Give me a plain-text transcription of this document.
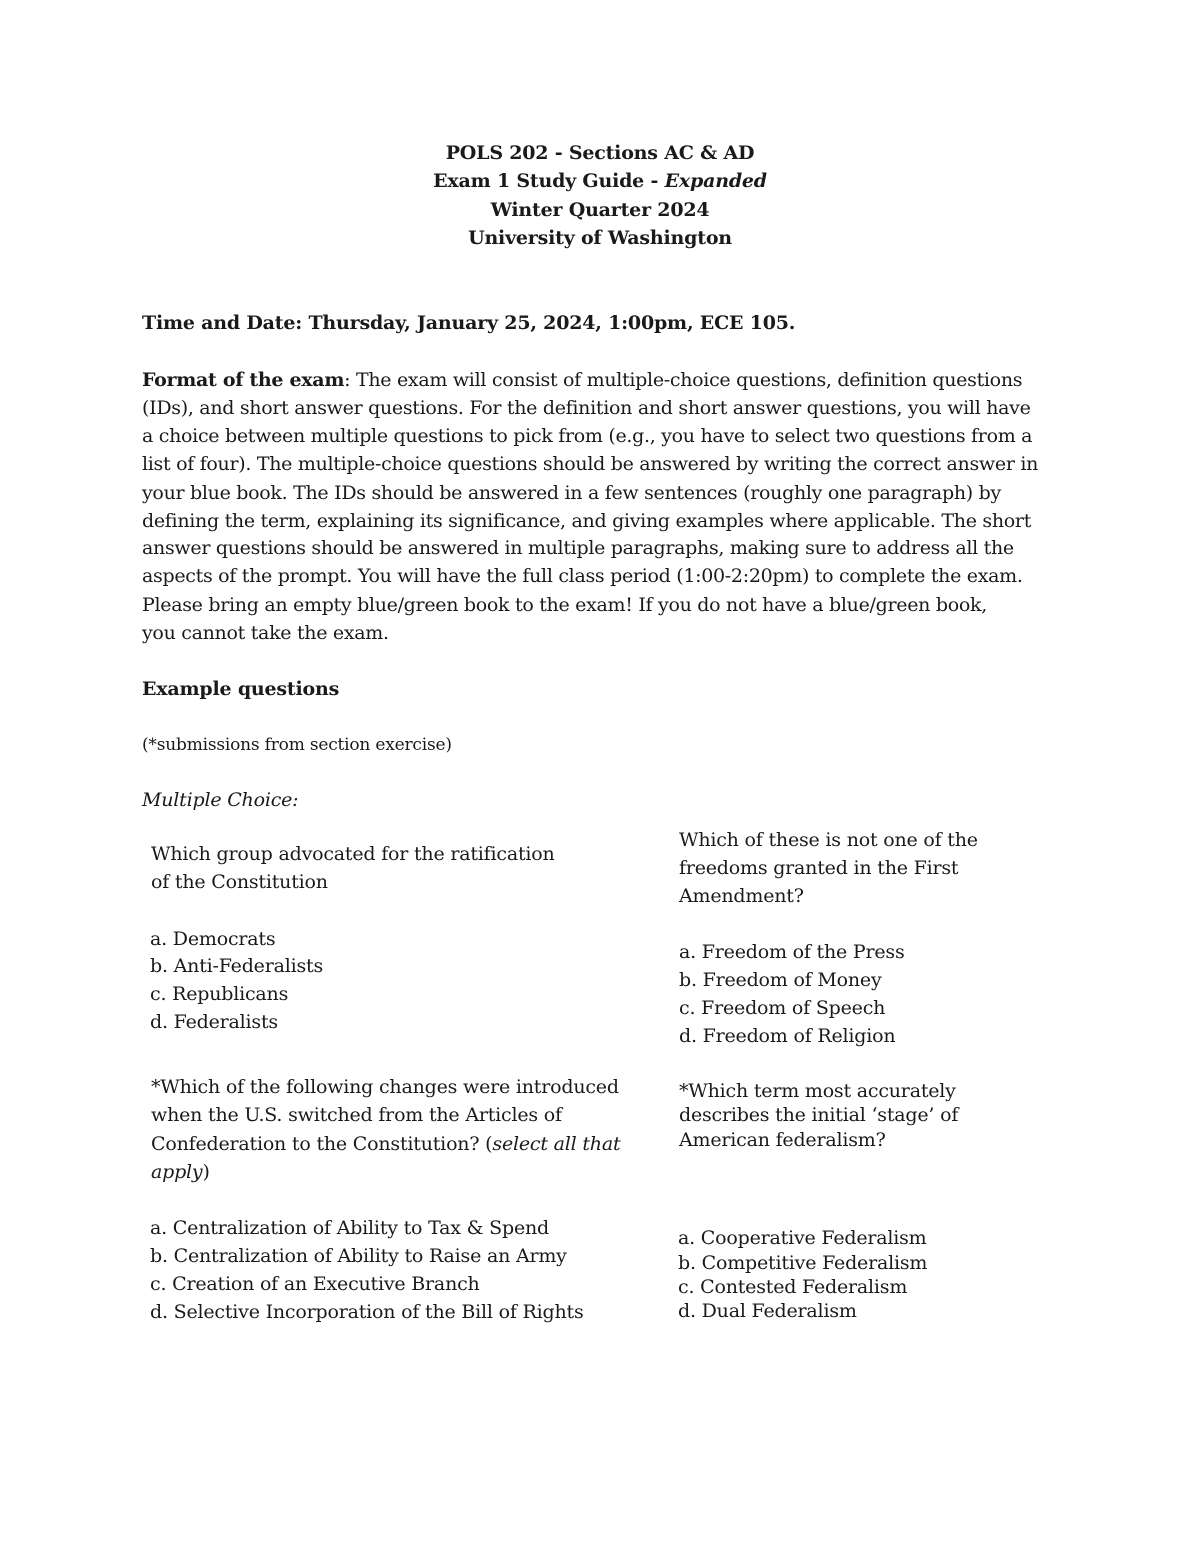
POLS 202 - Sections AC & AD
Exam 1 Study Guide - Expanded
Winter Quarter 2024
University of Washington
Time and Date: Thursday, January 25, 2024, 1:00pm, ECE 105.
Format of the exam: The exam will consist of multiple-choice questions, definition questions
(IDs), and short answer questions. For the definition and short answer questions, you will have
a choice between multiple questions to pick from (e.g., you have to select two questions from a
list of four). The multiple-choice questions should be answered by writing the correct answer in
your blue book. The IDs should be answered in a few sentences (roughly one paragraph) by
defining the term, explaining its significance, and giving examples where applicable. The short
answer questions should be answered in multiple paragraphs, making sure to address all the
aspects of the prompt. You will have the full class period (1:00-2:20pm) to complete the exam.
Please bring an empty blue/green book to the exam! If you do not have a blue/green book,
you cannot take the exam.
Example questions
(*submissions from section exercise)
Multiple Choice:
Which group advocated for the ratification
of the Constitution
a. Democrats
b. Anti-Federalists
c. Republicans
d. Federalists
Which of these is not one of the
freedoms granted in the First
Amendment?
a. Freedom of the Press
b. Freedom of Money
c. Freedom of Speech
d. Freedom of Religion
*Which of the following changes were introduced
when the U.S. switched from the Articles of
Confederation to the Constitution? (select all that
apply)
a. Centralization of Ability to Tax & Spend
b. Centralization of Ability to Raise an Army
c. Creation of an Executive Branch
d. Selective Incorporation of the Bill of Rights
*Which term most accurately
describes the initial ‘stage’ of
American federalism?
a. Cooperative Federalism
b. Competitive Federalism
c. Contested Federalism
d. Dual Federalism
